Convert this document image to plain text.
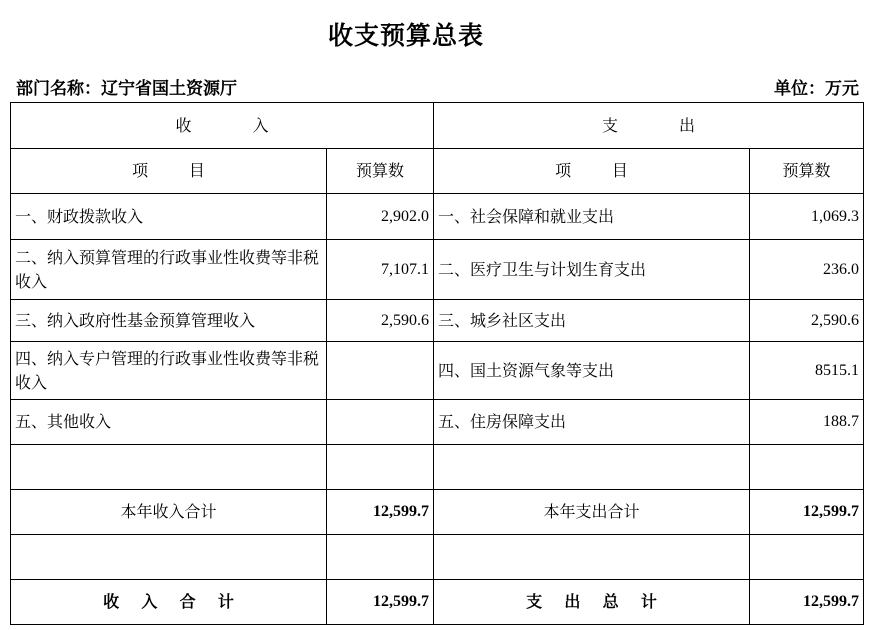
收支预算总表
部门名称：辽宁省国土资源厅	单位：万元
收            入		支            出	
项        目	预算数	项        目	预算数
一、财政拨款收入	2,902.0	一、社会保障和就业支出	1,069.3
二、纳入预算管理的行政事业性收费等非税收入	7,107.1	二、医疗卫生与计划生育支出	236.0
三、纳入政府性基金预算管理收入	2,590.6	三、城乡社区支出	2,590.6
四、纳入专户管理的行政事业性收费等非税收入		四、国土资源气象等支出	8515.1
五、其他收入		五、住房保障支出	188.7

本年收入合计	12,599.7	本年支出合计	12,599.7

收    入    合    计	12,599.7	支    出    总    计	12,599.7
